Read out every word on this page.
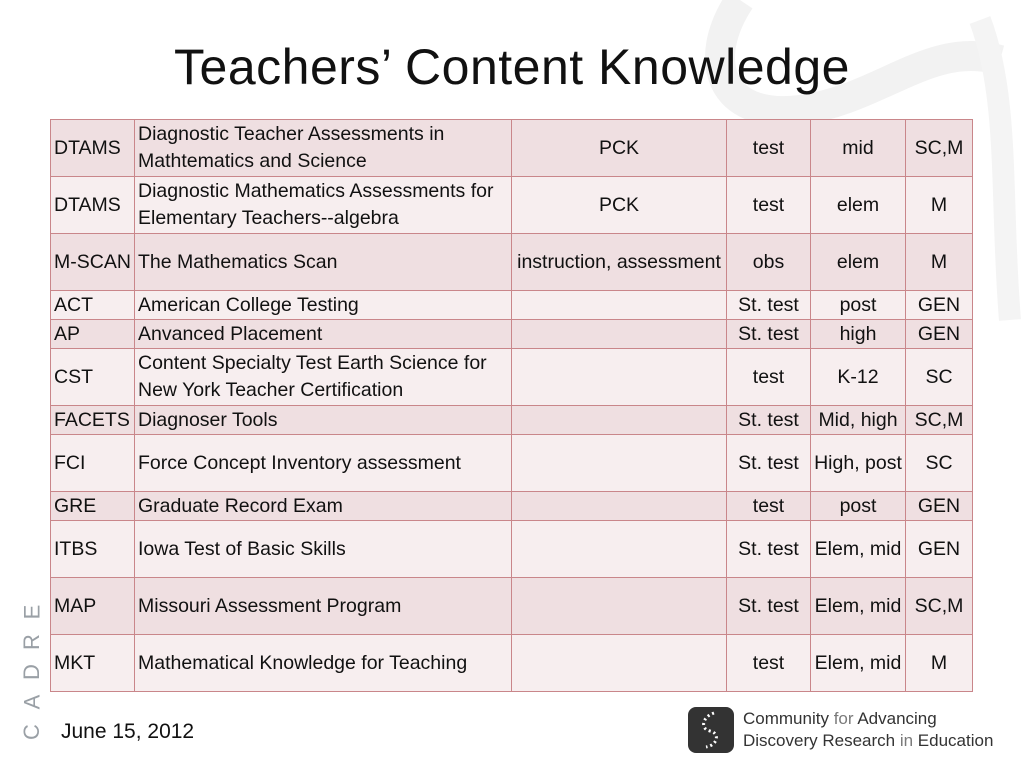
Teachers’ Content Knowledge
E
R
D
A
C
DTAMS	Diagnostic Teacher Assessments in Mathtematics and Science	PCK	test	mid	SC,M
DTAMS	Diagnostic Mathematics Assessments for Elementary Teachers--algebra	PCK	test	elem	M
M-SCAN	The Mathematics Scan	instruction, assessment	obs	elem	M
ACT	American College Testing		St. test	post	GEN
AP	Anvanced Placement		St. test	high	GEN
CST	Content Specialty Test Earth Science for New York Teacher Certification		test	K-12	SC
FACETS	Diagnoser Tools		St. test	Mid, high	SC,M
FCI	Force Concept Inventory assessment		St. test	High, post	SC
GRE	Graduate Record Exam		test	post	GEN
ITBS	Iowa Test of Basic Skills		St. test	Elem, mid	GEN
MAP	Missouri Assessment Program		St. test	Elem, mid	SC,M
MKT	Mathematical Knowledge for Teaching		test	Elem, mid	M
June 15, 2012
Community for Advancing
Discovery Research in Education
